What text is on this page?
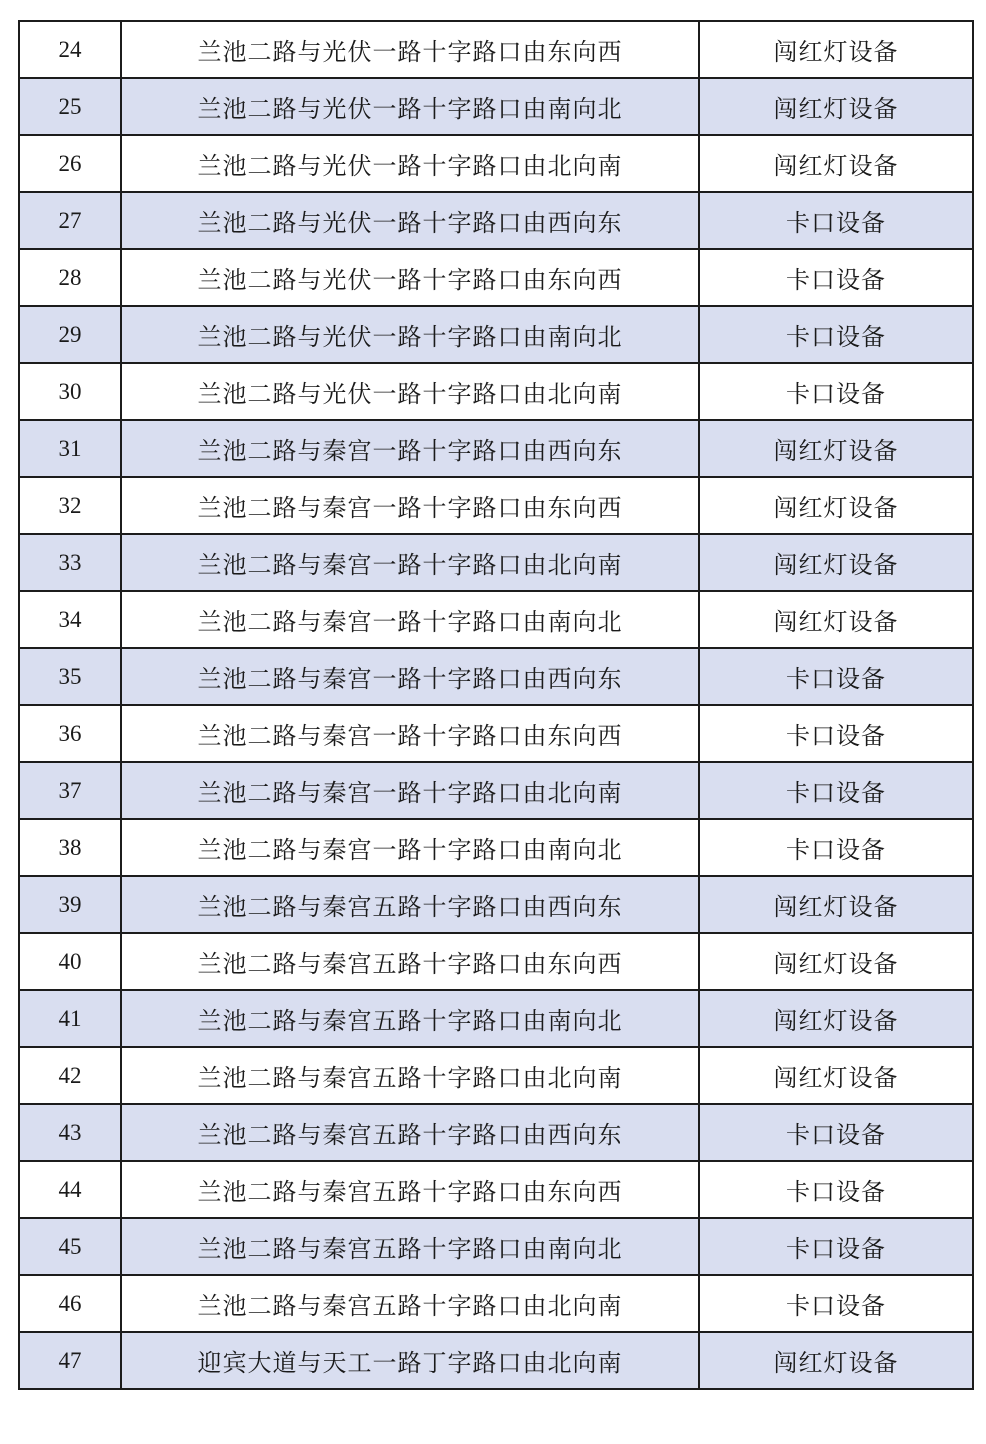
24	兰池二路与光伏一路十字路口由东向西	闯红灯设备
25	兰池二路与光伏一路十字路口由南向北	闯红灯设备
26	兰池二路与光伏一路十字路口由北向南	闯红灯设备
27	兰池二路与光伏一路十字路口由西向东	卡口设备
28	兰池二路与光伏一路十字路口由东向西	卡口设备
29	兰池二路与光伏一路十字路口由南向北	卡口设备
30	兰池二路与光伏一路十字路口由北向南	卡口设备
31	兰池二路与秦宫一路十字路口由西向东	闯红灯设备
32	兰池二路与秦宫一路十字路口由东向西	闯红灯设备
33	兰池二路与秦宫一路十字路口由北向南	闯红灯设备
34	兰池二路与秦宫一路十字路口由南向北	闯红灯设备
35	兰池二路与秦宫一路十字路口由西向东	卡口设备
36	兰池二路与秦宫一路十字路口由东向西	卡口设备
37	兰池二路与秦宫一路十字路口由北向南	卡口设备
38	兰池二路与秦宫一路十字路口由南向北	卡口设备
39	兰池二路与秦宫五路十字路口由西向东	闯红灯设备
40	兰池二路与秦宫五路十字路口由东向西	闯红灯设备
41	兰池二路与秦宫五路十字路口由南向北	闯红灯设备
42	兰池二路与秦宫五路十字路口由北向南	闯红灯设备
43	兰池二路与秦宫五路十字路口由西向东	卡口设备
44	兰池二路与秦宫五路十字路口由东向西	卡口设备
45	兰池二路与秦宫五路十字路口由南向北	卡口设备
46	兰池二路与秦宫五路十字路口由北向南	卡口设备
47	迎宾大道与天工一路丁字路口由北向南	闯红灯设备
